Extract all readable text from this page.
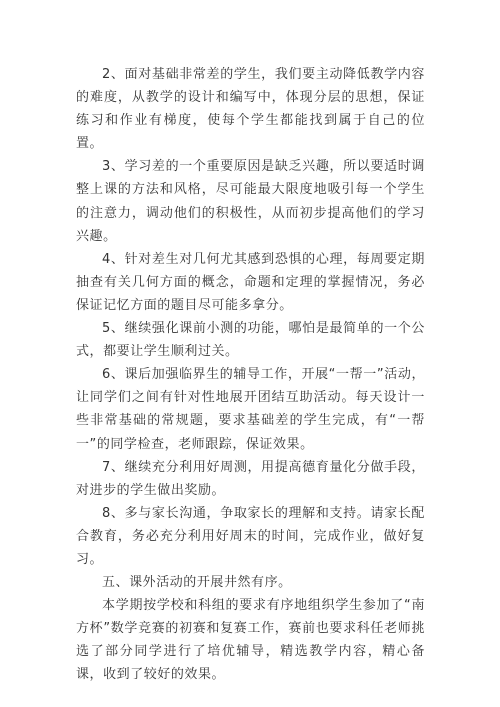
2、面对基础非常差的学生，我们要主动降低教学内容的难度，从教学的设计和编写中，体现分层的思想，保证练习和作业有梯度，使每个学生都能找到属于自己的位置。

3、学习差的一个重要原因是缺乏兴趣，所以要适时调整上课的方法和风格，尽可能最大限度地吸引每一个学生的注意力，调动他们的积极性，从而初步提高他们的学习兴趣。

4、针对差生对几何尤其感到恐惧的心理，每周要定期抽查有关几何方面的概念，命题和定理的掌握情况，务必保证记忆方面的题目尽可能多拿分。

5、继续强化课前小测的功能，哪怕是最简单的一个公式，都要让学生顺利过关。

6、课后加强临界生的辅导工作，开展“一帮一”活动，让同学们之间有针对性地展开团结互助活动。每天设计一些非常基础的常规题，要求基础差的学生完成，有“一帮一”的同学检查，老师跟踪，保证效果。

7、继续充分利用好周测，用提高德育量化分做手段，对进步的学生做出奖励。

8、多与家长沟通，争取家长的理解和支持。请家长配合教育，务必充分利用好周末的时间，完成作业，做好复习。

五、课外活动的开展井然有序。

本学期按学校和科组的要求有序地组织学生参加了“南方杯”数学竞赛的初赛和复赛工作，赛前也要求科任老师挑选了部分同学进行了培优辅导，精选教学内容，精心备课，收到了较好的效果。
